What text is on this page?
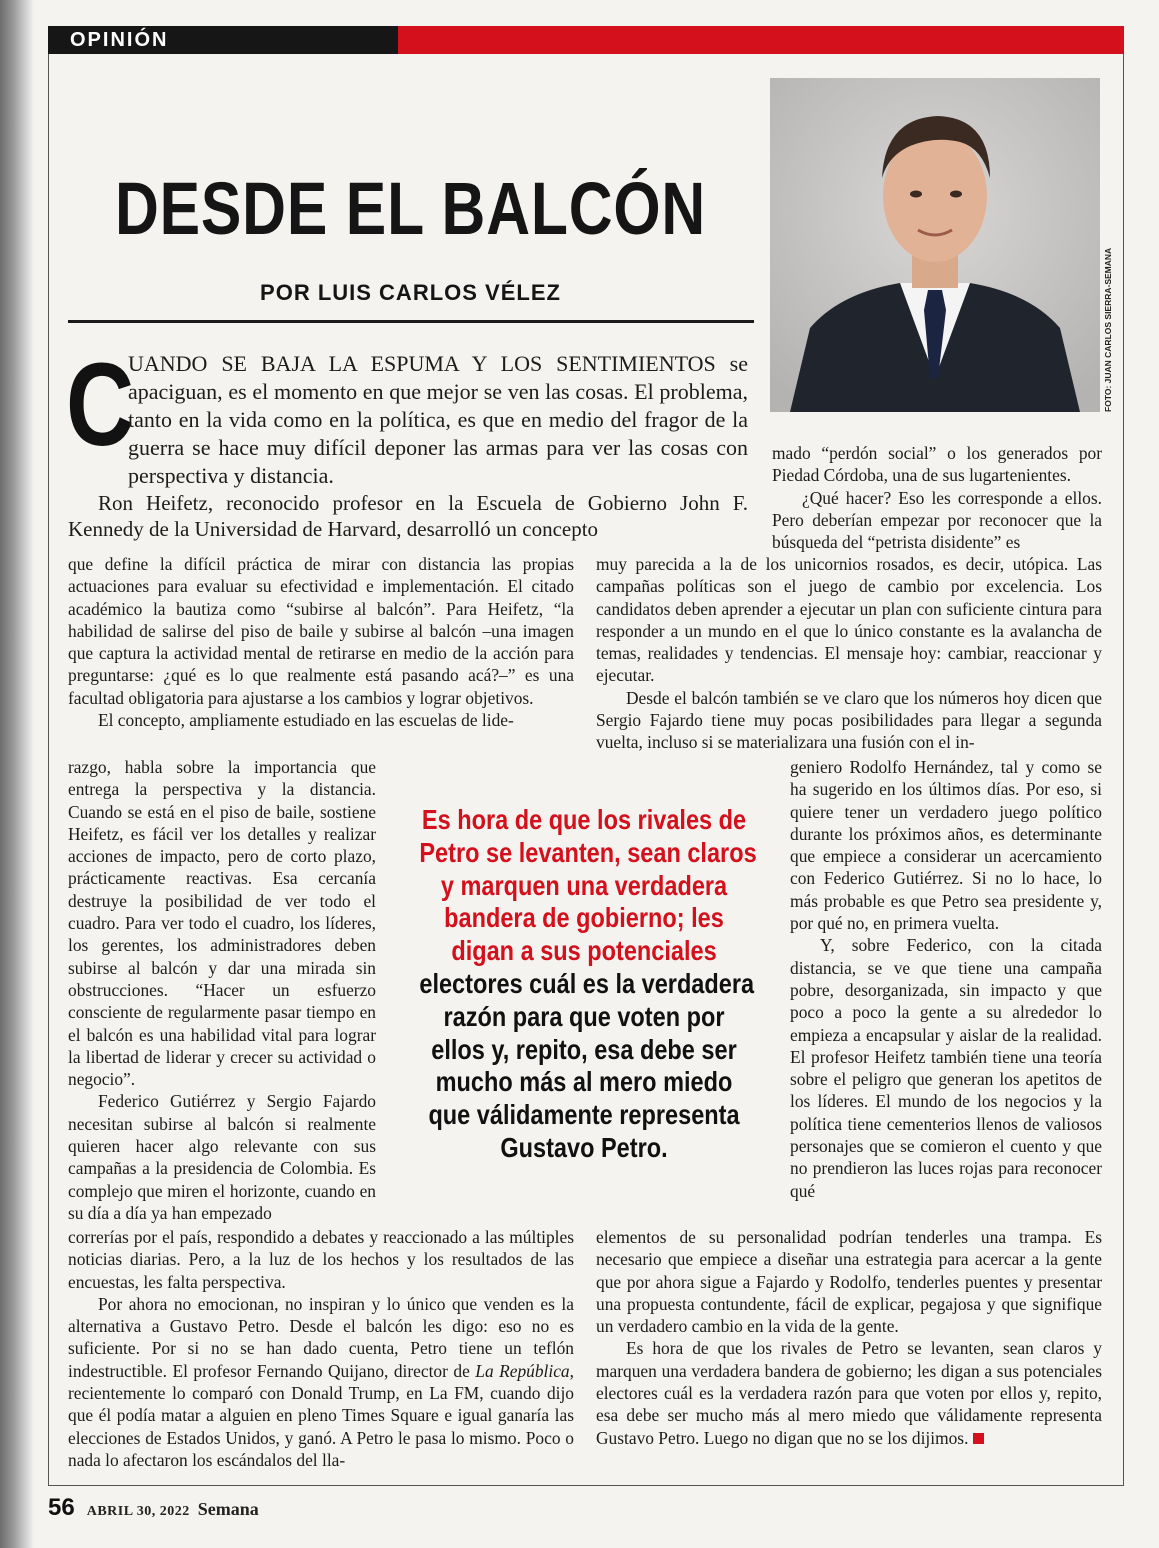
OPINIÓN
DESDE EL BALCÓN
POR LUIS CARLOS VÉLEZ	FOTO: JUAN CARLOS SIERRA-SEMANA
C

UANDO SE BAJA LA ESPUMA Y LOS SENTIMIENTOS se apaciguan, es el momento en que mejor se ven las cosas. El problema, tanto en la vida como en la política, es que en medio del fragor de la guerra se hace muy difícil deponer las armas para ver las cosas con perspectiva y distancia.

Ron Heifetz, reconocido profesor en la Escuela de Gobierno John F. Kennedy de la Universidad de Harvard, desarrolló un concepto

que define la difícil práctica de mirar con distancia las propias actuaciones para evaluar su efectividad e implementación. El citado académico la bautiza como “subirse al balcón”. Para Heifetz, “la habilidad de salirse del piso de baile y subirse al balcón –una imagen que captura la actividad mental de retirarse en medio de la acción para preguntarse: ¿qué es lo que realmente está pasando acá?–” es una facultad obligatoria para ajustarse a los cambios y lograr objetivos.

El concepto, ampliamente estudiado en las escuelas de lide-

razgo, habla sobre la importancia que entrega la perspectiva y la distancia. Cuando se está en el piso de baile, sostiene Heifetz, es fácil ver los detalles y realizar acciones de impacto, pero de corto plazo, prácticamente reactivas. Esa cercanía destruye la posibilidad de ver todo el cuadro. Para ver todo el cuadro, los líderes, los gerentes, los administradores deben subirse al balcón y dar una mirada sin obstrucciones. “Hacer un esfuerzo consciente de regularmente pasar tiempo en el balcón es una habilidad vital para lograr la libertad de liderar y crecer su actividad o negocio”.

Federico Gutiérrez y Sergio Fajardo necesitan subirse al balcón si realmente quieren hacer algo relevante con sus campañas a la presidencia de Colombia. Es complejo que miren el horizonte, cuando en su día a día ya han empezado

correrías por el país, respondido a debates y reaccionado a las múltiples noticias diarias. Pero, a la luz de los hechos y los resultados de las encuestas, les falta perspectiva.

Por ahora no emocionan, no inspiran y lo único que venden es la alternativa a Gustavo Petro. Desde el balcón les digo: eso no es suficiente. Por si no se han dado cuenta, Petro tiene un teflón indestructible. El profesor Fernando Quijano, director de La República, recientemente lo comparó con Donald Trump, en La FM, cuando dijo que él podía matar a alguien en pleno Times Square e igual ganaría las elecciones de Estados Unidos, y ganó. A Petro le pasa lo mismo. Poco o nada lo afectaron los escándalos del lla-

mado “perdón social” o los generados por Piedad Córdoba, una de sus lugartenientes.

¿Qué hacer? Eso les corresponde a ellos. Pero deberían empezar por reconocer que la búsqueda del “petrista disidente” es

muy parecida a la de los unicornios rosados, es decir, utópica. Las campañas políticas son el juego de cambio por excelencia. Los candidatos deben aprender a ejecutar un plan con suficiente cintura para responder a un mundo en el que lo único constante es la avalancha de temas, realidades y tendencias. El mensaje hoy: cambiar, reaccionar y ejecutar.

Desde el balcón también se ve claro que los números hoy dicen que Sergio Fajardo tiene muy pocas posibilidades para llegar a segunda vuelta, incluso si se materializara una fusión con el in-

geniero Rodolfo Hernández, tal y como se ha sugerido en los últimos días. Por eso, si quiere tener un verdadero juego político durante los próximos años, es determinante que empiece a considerar un acercamiento con Federico Gutiérrez. Si no lo hace, lo más probable es que Petro sea presidente y, por qué no, en primera vuelta.

Y, sobre Federico, con la citada distancia, se ve que tiene una campaña pobre, desorganizada, sin impacto y que poco a poco la gente a su alrededor lo empieza a encapsular y aislar de la realidad. El profesor Heifetz también tiene una teoría sobre el peligro que generan los apetitos de los líderes. El mundo de los negocios y la política tiene cementerios llenos de valiosos personajes que se comieron el cuento y que no prendieron las luces rojas para reconocer qué

elementos de su personalidad podrían tenderles una trampa. Es necesario que empiece a diseñar una estrategia para acercar a la gente que por ahora sigue a Fajardo y Rodolfo, tenderles puentes y presentar una propuesta contundente, fácil de explicar, pegajosa y que signifique un verdadero cambio en la vida de la gente.

Es hora de que los rivales de Petro se levanten, sean claros y marquen una verdadera bandera de gobierno; les digan a sus potenciales electores cuál es la verdadera razón para que voten por ellos y, repito, esa debe ser mucho más al mero miedo que válidamente representa Gustavo Petro. Luego no digan que no se los dijimos.

Es hora de que los rivales de
Petro se levanten, sean claros
y marquen una verdadera
bandera de gobierno; les
digan a sus potenciales
electores cuál es la verdadera
razón para que voten por
ellos y, repito, esa debe ser
mucho más al mero miedo
que válidamente representa
Gustavo Petro.
56 ABRIL 30, 2022 Semana
